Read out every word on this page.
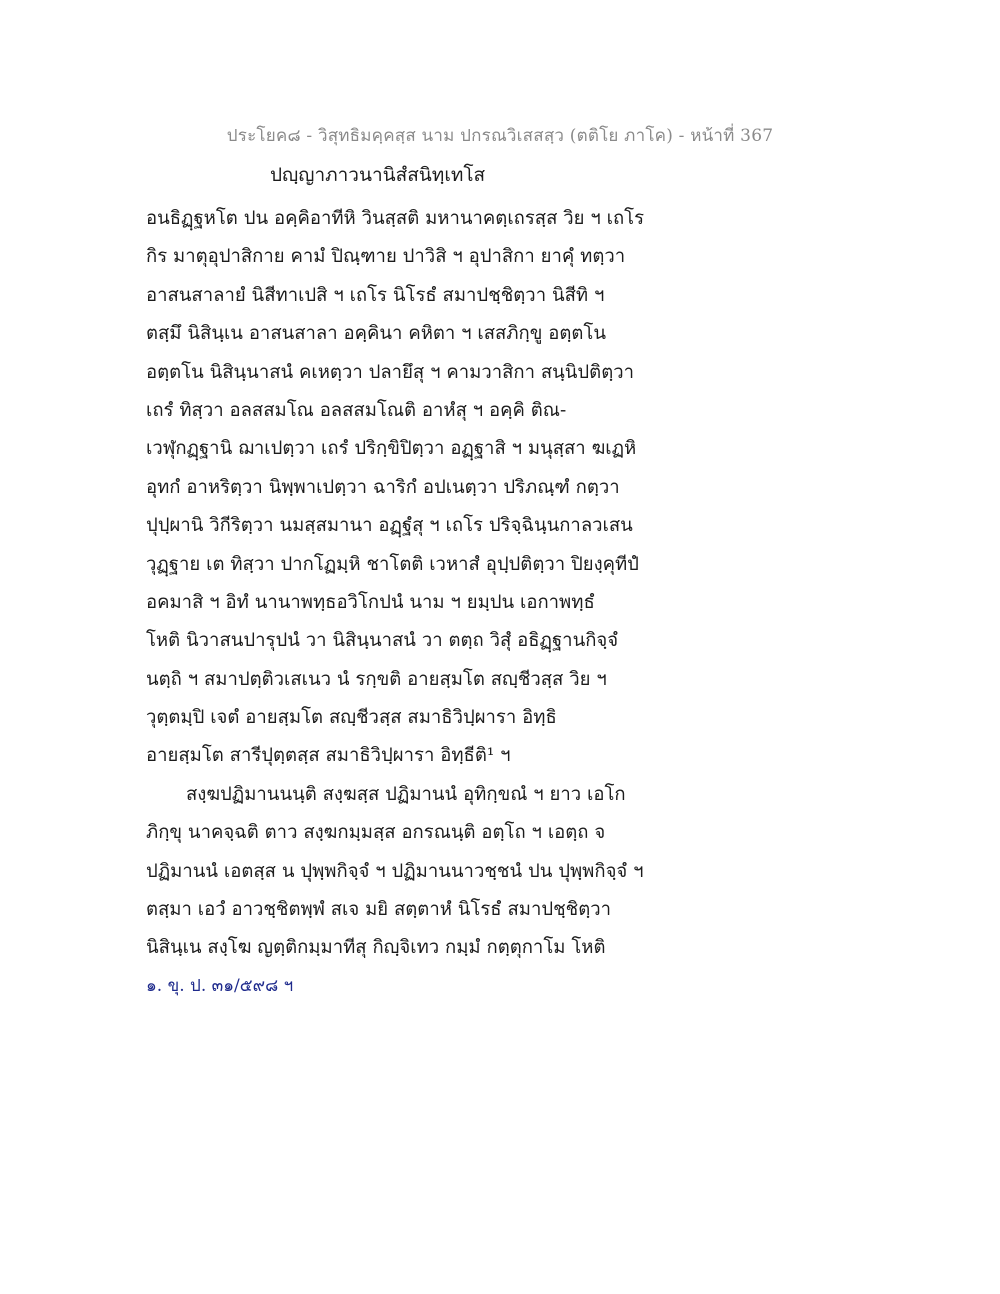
ประโยค๘ - วิสุทธิมคฺคสฺส นาม ปกรณวิเสสสฺว (ตติโย ภาโค) - หน้าที่ 367
ปญฺญาภาวนานิสํสนิทฺเทโส
อนธิฏฺฐหโต ปน อคฺคิอาทีหิ วินสฺสติ มหานาคตฺเถรสฺส วิย ฯ เถโร
กิร มาตุอุปาสิกาย คามํ ปิณฺฑาย ปาวิสิ ฯ อุปาสิกา ยาคุํ ทตฺวา
อาสนสาลายํ นิสีทาเปสิ ฯ เถโร นิโรธํ สมาปชฺชิตฺวา นิสีทิ ฯ
ตสฺมึ นิสินฺเน อาสนสาลา อคฺคินา คหิตา ฯ เสสภิกฺขู อตฺตโน
อตฺตโน นิสินฺนาสนํ คเหตฺวา ปลายึสุ ฯ คามวาสิกา สนฺนิปติตฺวา
เถรํ ทิสฺวา อลสสมโณ อลสสมโณติ อาหํสุ ฯ อคฺคิ ติณ-
เวฬุกฏฺฐานิ ฌาเปตฺวา เถรํ ปริกฺขิปิตฺวา อฏฺฐาสิ ฯ มนุสฺสา ฆเฏหิ
อุทกํ อาหริตฺวา นิพฺพาเปตฺวา ฉาริกํ อปเนตฺวา ปริภณฺฑํ กตฺวา
ปุปฺผานิ วิกีริตฺวา นมสฺสมานา อฏฺฐํสุ ฯ เถโร ปริจฺฉินฺนกาลวเสน
วุฏฺฐาย เต ทิสฺวา ปากโฏมฺหิ ชาโตติ เวหาสํ อุปฺปติตฺวา ปิยงฺคุทีปํ
อคมาสิ ฯ อิทํ นานาพทฺธอวิโกปนํ นาม ฯ ยมฺปน เอกาพทฺธํ
โหติ นิวาสนปารุปนํ วา นิสินฺนาสนํ วา ตตฺถ วิสุํ อธิฏฺฐานกิจฺจํ
นตฺถิ ฯ สมาปตฺติวเสเนว นํ รกฺขติ อายสฺมโต สญฺชีวสฺส วิย ฯ
วุตฺตมฺปิ เจตํ อายสฺมโต สญฺชีวสฺส สมาธิวิปฺผารา อิทฺธิ
อายสฺมโต สารีปุตฺตสฺส สมาธิวิปฺผารา อิทฺธีติ¹ ฯ
สงฺฆปฏิมานนนฺติ สงฺฆสฺส ปฏิมานนํ อุทิกฺขณํ ฯ ยาว เอโก
ภิกฺขุ นาคจฺฉติ ตาว สงฺฆกมฺมสฺส อกรณนฺติ อตฺโถ ฯ เอตฺถ จ
ปฏิมานนํ เอตสฺส น ปุพฺพกิจฺจํ ฯ ปฏิมานนาวชฺชนํ ปน ปุพฺพกิจฺจํ ฯ
ตสฺมา เอวํ อาวชฺชิตพฺพํ สเจ มยิ สตฺตาหํ นิโรธํ สมาปชฺชิตฺวา
นิสินฺเน สงฺโฆ ญตฺติกมฺมาทีสุ กิญฺจิเทว กมฺมํ กตฺตุกาโม โหติ
๑. ขุ. ป. ๓๑/๕๙๘ ฯ
